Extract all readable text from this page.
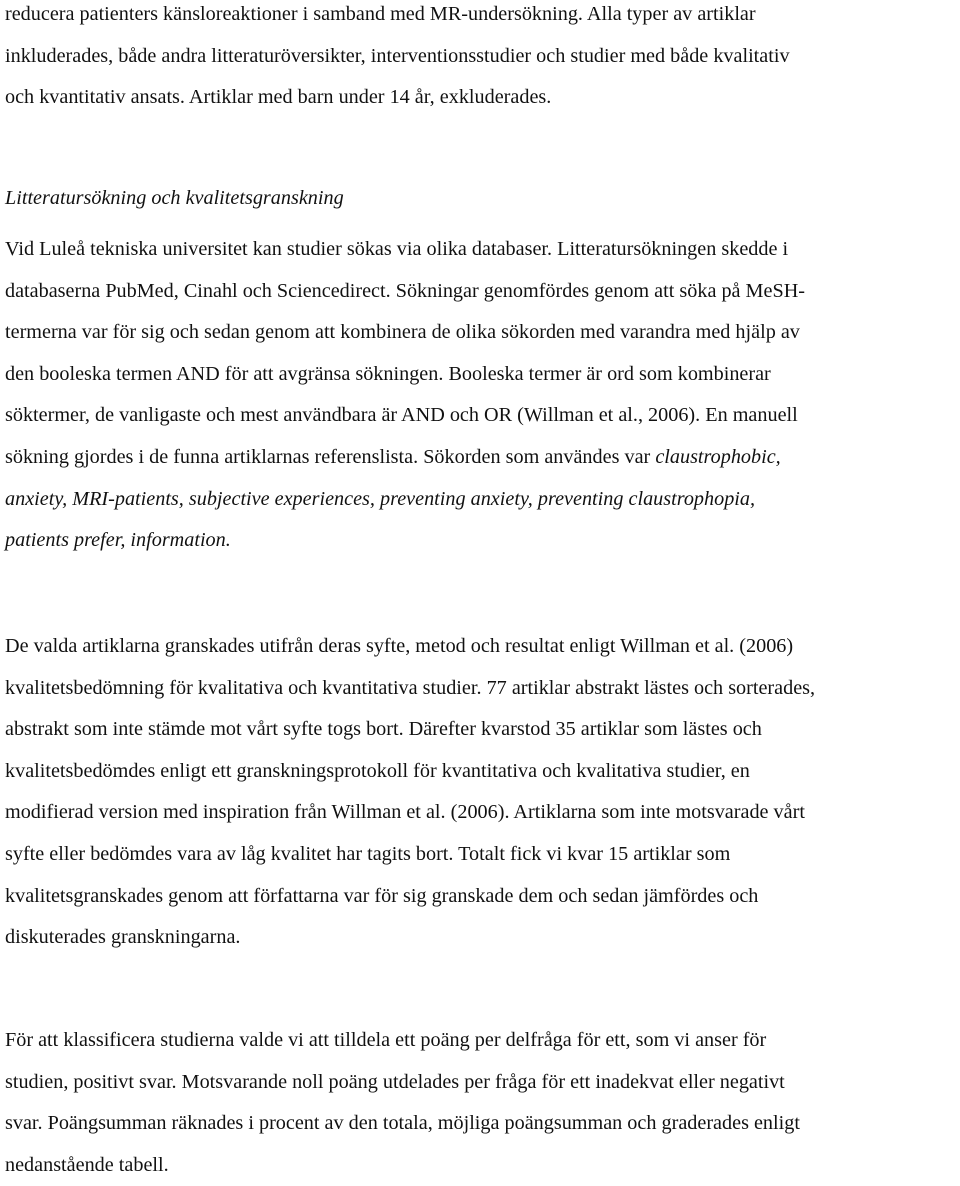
reducera patienters känsloreaktioner i samband med MR-undersökning. Alla typer av artiklar
inkluderades, både andra litteraturöversikter, interventionsstudier och studier med både kvalitativ
och kvantitativ ansats. Artiklar med barn under 14 år, exkluderades.

Litteratursökning och kvalitetsgranskning

Vid Luleå tekniska universitet kan studier sökas via olika databaser. Litteratursökningen skedde i
databaserna PubMed, Cinahl och Sciencedirect. Sökningar genomfördes genom att söka på MeSH-
termerna var för sig och sedan genom att kombinera de olika sökorden med varandra med hjälp av
den booleska termen AND för att avgränsa sökningen. Booleska termer är ord som kombinerar
söktermer, de vanligaste och mest användbara är AND och OR (Willman et al., 2006). En manuell
sökning gjordes i de funna artiklarnas referenslista. Sökorden som användes var claustrophobic,
anxiety, MRI-patients, subjective experiences, preventing anxiety, preventing claustrophopia,
patients prefer, information.

De valda artiklarna granskades utifrån deras syfte, metod och resultat enligt Willman et al. (2006)
kvalitetsbedömning för kvalitativa och kvantitativa studier. 77 artiklar abstrakt lästes och sorterades,
abstrakt som inte stämde mot vårt syfte togs bort. Därefter kvarstod 35 artiklar som lästes och
kvalitetsbedömdes enligt ett granskningsprotokoll för kvantitativa och kvalitativa studier, en
modifierad version med inspiration från Willman et al. (2006). Artiklarna som inte motsvarade vårt
syfte eller bedömdes vara av låg kvalitet har tagits bort. Totalt fick vi kvar 15 artiklar som
kvalitetsgranskades genom att författarna var för sig granskade dem och sedan jämfördes och
diskuterades granskningarna.

För att klassificera studierna valde vi att tilldela ett poäng per delfråga för ett, som vi anser för
studien, positivt svar. Motsvarande noll poäng utdelades per fråga för ett inadekvat eller negativt
svar. Poängsumman räknades i procent av den totala, möjliga poängsumman och graderades enligt
nedanstående tabell.
